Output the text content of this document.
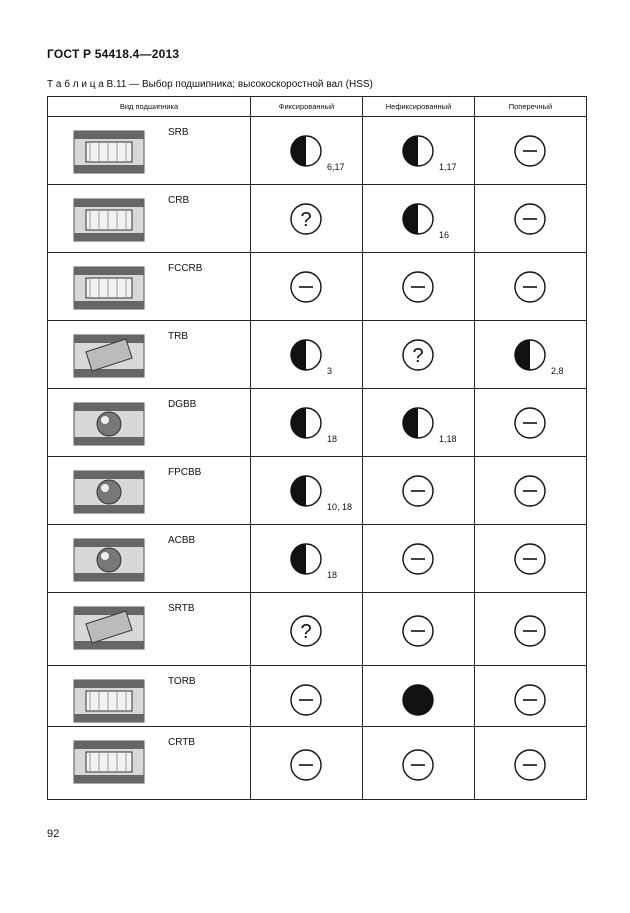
ГОСТ Р 54418.4—2013
Т а б л и ц а В.11 — Выбор подшипника; высокоскоростной вал (HSS)
Вид подшипника	Фиксированный	Нефиксированный	Поперечный

SRB	6,17	1,17

CRB	?	16

FCCRB

TRB	3	?	2,8

DGBB	18	1,18

FPCBB	10, 18

ACBB	18

SRTB	?

TORB

CRTB

92
